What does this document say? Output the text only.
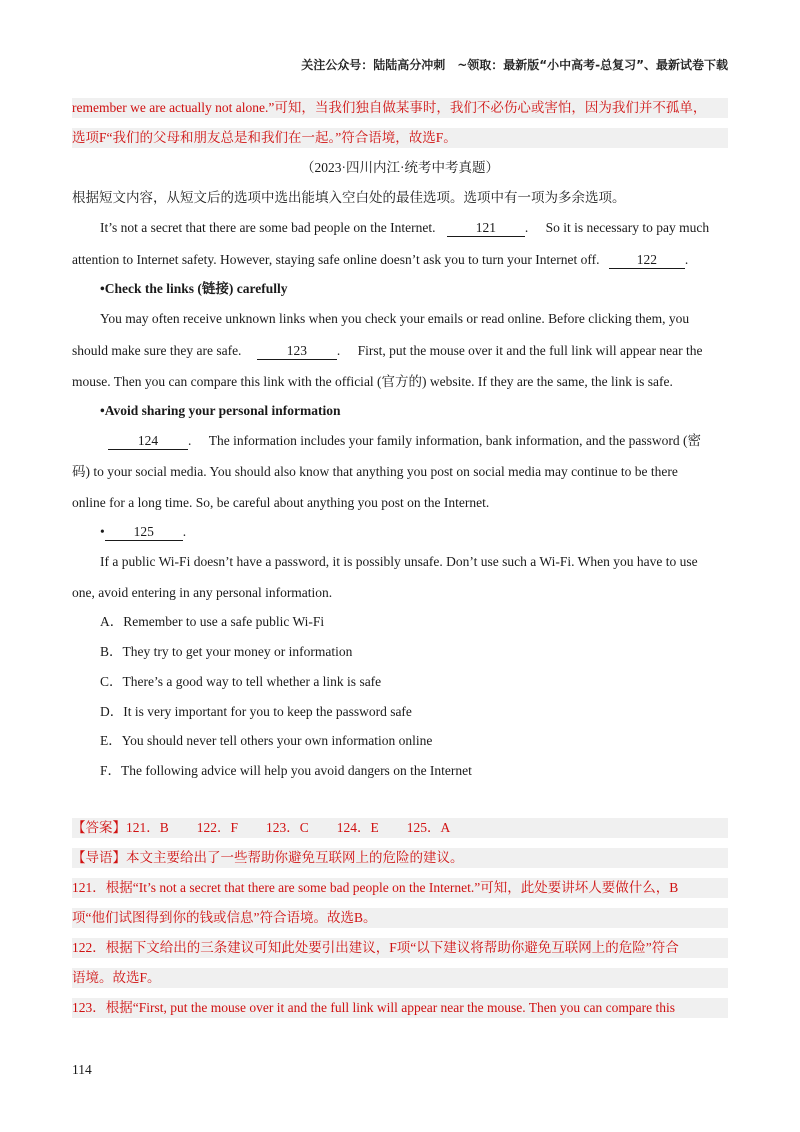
关注公众号：陆陆高分冲刺　~领取：最新版“小中高考-总复习”、最新试卷下载
remember we are actually not alone.”可知，当我们独自做某事时，我们不必伤心或害怕，因为我们并不孤单，
选项F“我们的父母和朋友总是和我们在一起。”符合语境，故选F。
（2023·四川内江·统考中考真题）
根据短文内容，从短文后的选项中选出能填入空白处的最佳选项。选项中有一项为多余选项。
It’s not a secret that there are some bad people on the Internet.	121 . So it is necessary to pay much
attention to Internet safety. However, staying safe online doesn’t ask you to turn your Internet off.	122 .
•Check the links (链接) carefully
You may often receive unknown links when you check your emails or read online. Before clicking them, you
should make sure they are safe.	123 . First, put the mouse over it and the full link will appear near the
mouse. Then you can compare this link with the official (官方的) website. If they are the same, the link is safe.
•Avoid sharing your personal information
124 . The information includes your family information, bank information, and the password (密
码) to your social media. You should also know that anything you post on social media may continue to be there
online for a long time. So, be careful about anything you post on the Internet.
• 125 .
If a public Wi-Fi doesn’t have a password, it is possibly unsafe. Don’t use such a Wi-Fi. When you have to use
one, avoid entering in any personal information.
A．Remember to use a safe public Wi-Fi
B．They try to get your money or information
C．There’s a good way to tell whether a link is safe
D．It is very important for you to keep the password safe
E．You should never tell others your own information online
F．The following advice will help you avoid dangers on the Internet
【答案】121．B 122．F 123．C 124．E 125．A
【导语】本文主要给出了一些帮助你避免互联网上的危险的建议。
121．根据“It’s not a secret that there are some bad people on the Internet.”可知，此处要讲坏人要做什么，B
项“他们试图得到你的钱或信息”符合语境。故选B。
122．根据下文给出的三条建议可知此处要引出建议，F项“以下建议将帮助你避免互联网上的危险”符合
语境。故选F。
123．根据“First, put the mouse over it and the full link will appear near the mouse. Then you can compare this
114
